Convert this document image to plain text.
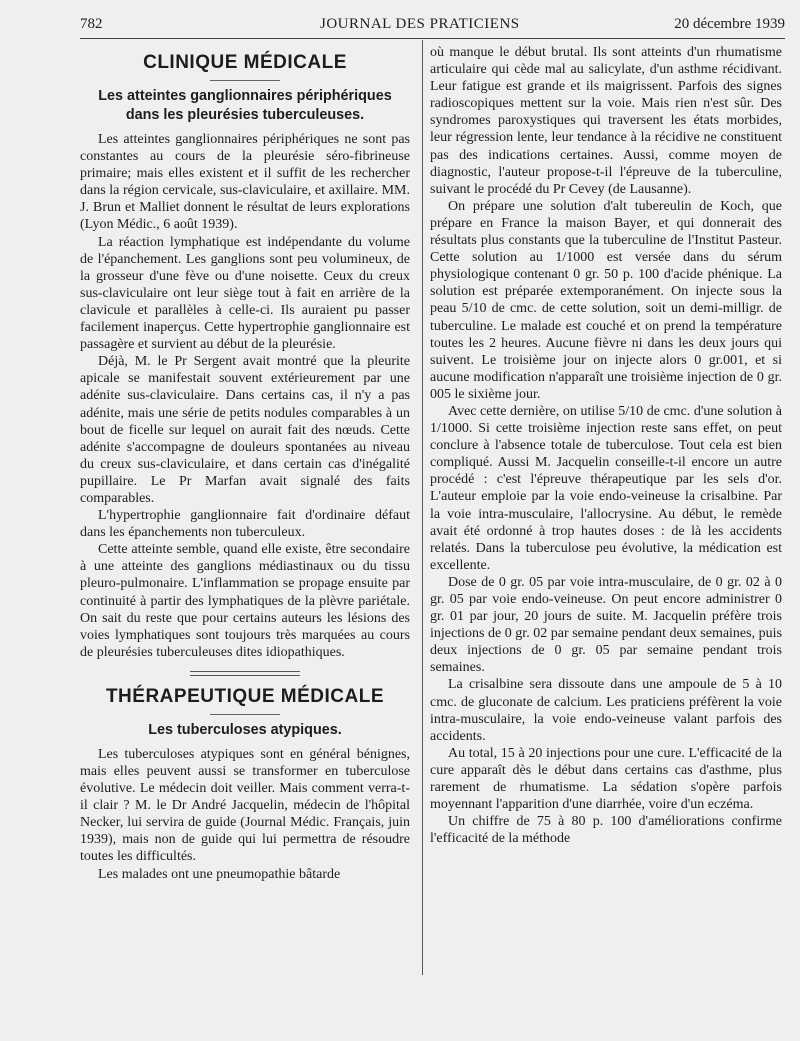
782	JOURNAL DES PRATICIENS	20 décembre 1939
CLINIQUE MÉDICALE
Les atteintes ganglionnaires périphériques dans les pleurésies tuberculeuses.

Les atteintes ganglionnaires périphériques ne sont pas constantes au cours de la pleurésie séro-fibrineuse primaire; mais elles existent et il suffit de les rechercher dans la région cervicale, sus-claviculaire, et axillaire. MM. J. Brun et Malliet donnent le résultat de leurs explorations (Lyon Médic., 6 août 1939).

La réaction lymphatique est indépendante du volume de l'épanchement. Les ganglions sont peu volumineux, de la grosseur d'une fève ou d'une noisette. Ceux du creux sus-claviculaire ont leur siège tout à fait en arrière de la clavicule et parallèles à celle-ci. Ils auraient pu passer facilement inaperçus. Cette hypertrophie ganglionnaire est passagère et survient au début de la pleurésie.

Déjà, M. le Pr Sergent avait montré que la pleurite apicale se manifestait souvent extérieurement par une adénite sus-claviculaire. Dans certains cas, il n'y a pas adénite, mais une série de petits nodules comparables à un bout de ficelle sur lequel on aurait fait des nœuds. Cette adénite s'accompagne de douleurs spontanées au niveau du creux sus-claviculaire, et dans certain cas d'inégalité pupillaire. Le Pr Marfan avait signalé des faits comparables.

L'hypertrophie ganglionnaire fait d'ordinaire défaut dans les épanchements non tuberculeux.

Cette atteinte semble, quand elle existe, être secondaire à une atteinte des ganglions médiastinaux ou du tissu pleuro-pulmonaire. L'inflammation se propage ensuite par continuité à partir des lymphatiques de la plèvre pariétale. On sait du reste que pour certains auteurs les lésions des voies lymphatiques sont toujours très marquées au cours de pleurésies tuberculeuses dites idiopathiques.

THÉRAPEUTIQUE MÉDICALE
Les tuberculoses atypiques.

Les tuberculoses atypiques sont en général bénignes, mais elles peuvent aussi se transformer en tuberculose évolutive. Le médecin doit veiller. Mais comment verra-t-il clair ? M. le Dr André Jacquelin, médecin de l'hôpital Necker, lui servira de guide (Journal Médic. Français, juin 1939), mais non de guide qui lui permettra de résoudre toutes les difficultés.

Les malades ont une pneumopathie bâtarde

où manque le début brutal. Ils sont atteints d'un rhumatisme articulaire qui cède mal au salicylate, d'un asthme récidivant. Leur fatigue est grande et ils maigrissent. Parfois des signes radioscopiques mettent sur la voie. Mais rien n'est sûr. Des syndromes paroxystiques qui traversent les états morbides, leur régression lente, leur tendance à la récidive ne constituent pas des indications certaines. Aussi, comme moyen de diagnostic, l'auteur propose-t-il l'épreuve de la tuberculine, suivant le procédé du Pr Cevey (de Lausanne).

On prépare une solution d'alt tubereulin de Koch, que prépare en France la maison Bayer, et qui donnerait des résultats plus constants que la tuberculine de l'Institut Pasteur. Cette solution au 1/1000 est versée dans du sérum physiologique contenant 0 gr. 50 p. 100 d'acide phénique. La solution est préparée extemporanément. On injecte sous la peau 5/10 de cmc. de cette solution, soit un demi-milligr. de tuberculine. Le malade est couché et on prend la température toutes les 2 heures. Aucune fièvre ni dans les deux jours qui suivent. Le troisième jour on injecte alors 0 gr.001, et si aucune modification n'apparaît une troisième injection de 0 gr. 005 le sixième jour.

Avec cette dernière, on utilise 5/10 de cmc. d'une solution à 1/1000. Si cette troisième injection reste sans effet, on peut conclure à l'absence totale de tuberculose. Tout cela est bien compliqué. Aussi M. Jacquelin conseille-t-il encore un autre procédé : c'est l'épreuve thérapeutique par les sels d'or. L'auteur emploie par la voie endo-veineuse la crisalbine. Par la voie intra-musculaire, l'allocrysine. Au début, le remède avait été ordonné à trop hautes doses : de là les accidents relatés. Dans la tuberculose peu évolutive, la médication est excellente.

Dose de 0 gr. 05 par voie intra-musculaire, de 0 gr. 02 à 0 gr. 05 par voie endo-veineuse. On peut encore administrer 0 gr. 01 par jour, 20 jours de suite. M. Jacquelin préfère trois injections de 0 gr. 02 par semaine pendant deux semaines, puis deux injections de 0 gr. 05 par semaine pendant trois semaines.

La crisalbine sera dissoute dans une ampoule de 5 à 10 cmc. de gluconate de calcium. Les praticiens préfèrent la voie intra-musculaire, la voie endo-veineuse valant parfois des accidents.

Au total, 15 à 20 injections pour une cure. L'efficacité de la cure apparaît dès le début dans certains cas d'asthme, plus rarement de rhumatisme. La sédation s'opère parfois moyennant l'apparition d'une diarrhée, voire d'un eczéma.

Un chiffre de 75 à 80 p. 100 d'améliorations confirme l'efficacité de la méthode
